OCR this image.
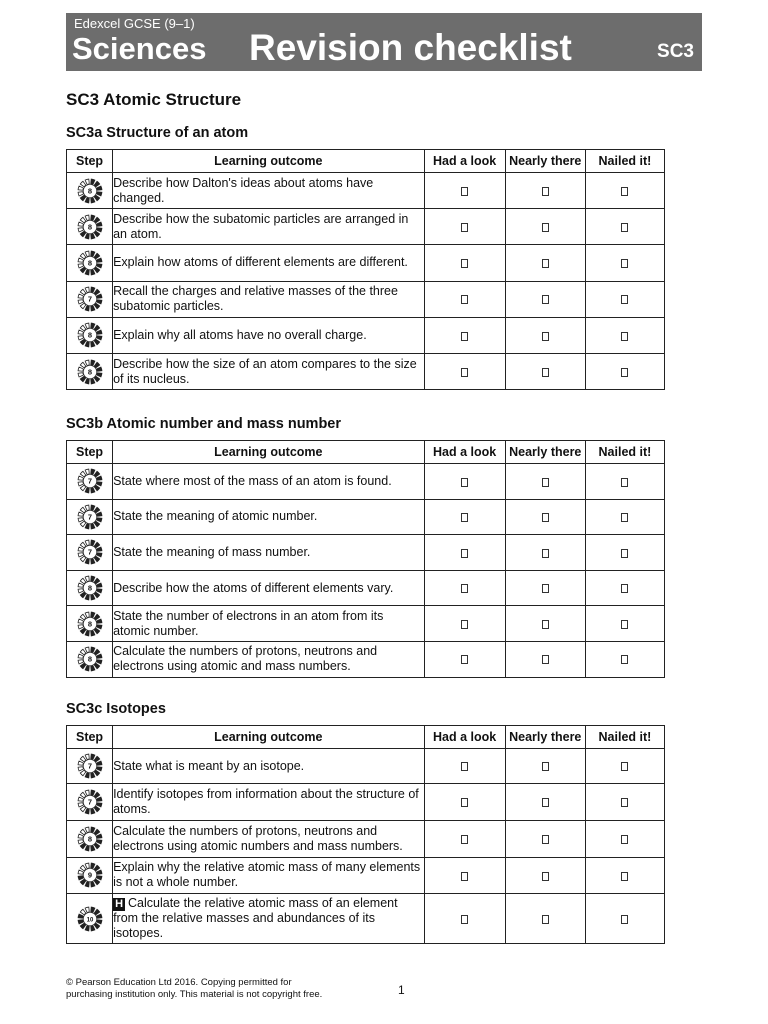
Edexcel GCSE (9–1)
Sciences Revision checklist	SC3
SC3 Atomic Structure
SC3a Structure of an atom
Step	Learning outcome	Had a look	Nearly there	Nailed it!

8	Describe how Dalton's ideas about atoms have changed.			

8	Describe how the subatomic particles are arranged in an atom.			

8	Explain how atoms of different elements are different.			

7	Recall the charges and relative masses of the three subatomic particles.			

8	Explain why all atoms have no overall charge.			

8	Describe how the size of an atom compares to the size of its nucleus.			
SC3b Atomic number and mass number
Step	Learning outcome	Had a look	Nearly there	Nailed it!

7	State where most of the mass of an atom is found.			

7	State the meaning of atomic number.			

7	State the meaning of mass number.			

8	Describe how the atoms of different elements vary.			

8	State the number of electrons in an atom from its atomic number.			

8	Calculate the numbers of protons, neutrons and electrons using atomic and mass numbers.			
SC3c Isotopes
Step	Learning outcome	Had a look	Nearly there	Nailed it!

7	State what is meant by an isotope.			

7	Identify isotopes from information about the structure of atoms.			

8	Calculate the numbers of protons, neutrons and electrons using atomic numbers and mass numbers.			

9	Explain why the relative atomic mass of many elements is not a whole number.			

10	H Calculate the relative atomic mass of an element from the relative masses and abundances of its isotopes.			
© Pearson Education Ltd 2016. Copying permitted for
purchasing institution only. This material is not copyright free.	1
